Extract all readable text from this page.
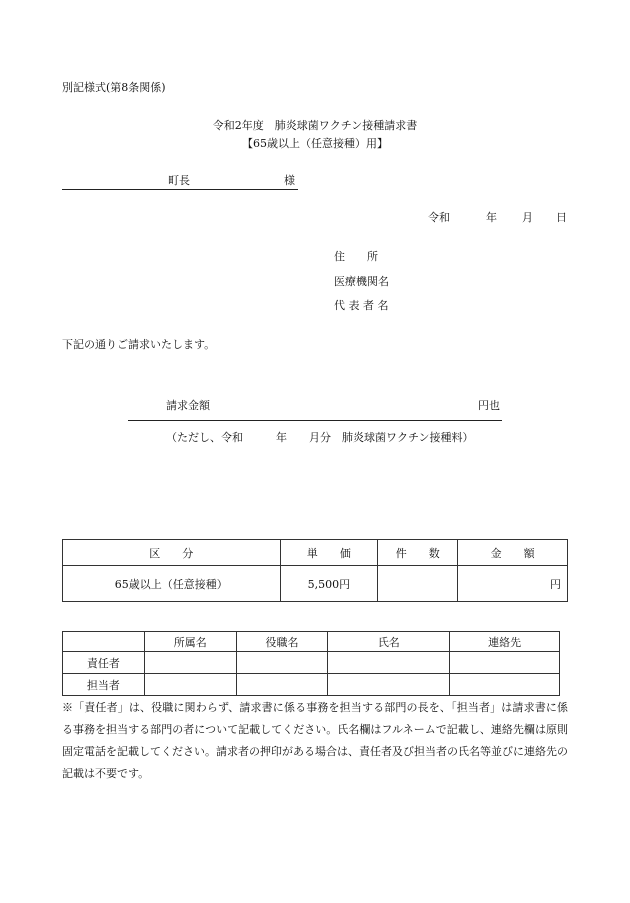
別記様式(第8条関係)
令和2年度　肺炎球菌ワクチン接種請求書
【65歳以上（任意接種）用】
町長	様
令和	年 月 日
住　　所
医療機関名
代 表 者 名
下記の通りご請求いたします。
請求金額	円也
（ただし、令和　　　年　　月分　肺炎球菌ワクチン接種料）
区　　分	単　　価	件　　数	金　　額
65歳以上（任意接種）	5,500円		円
	所属名	役職名	氏名	連絡先
責任者				
担当者				
※「責任者」は、役職に関わらず、請求書に係る事務を担当する部門の長を、「担当者」は請求書に係る事務を担当する部門の者について記載してください。氏名欄はフルネームで記載し、連絡先欄は原則固定電話を記載してください。請求者の押印がある場合は、責任者及び担当者の氏名等並びに連絡先の記載は不要です。
